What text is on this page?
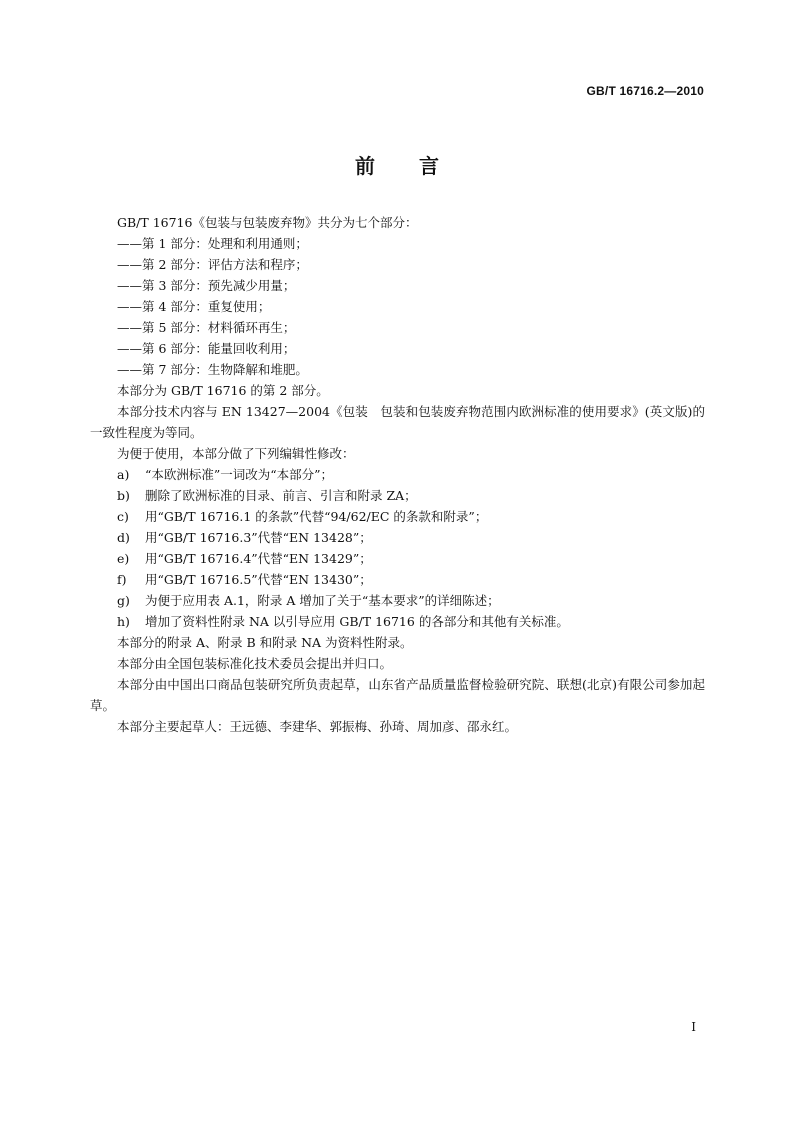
GB/T 16716.2—2010
前言

GB/T 16716《包装与包装废弃物》共分为七个部分：

——第 1 部分：处理和利用通则；

——第 2 部分：评估方法和程序；

——第 3 部分：预先减少用量；

——第 4 部分：重复使用；

——第 5 部分：材料循环再生；

——第 6 部分：能量回收利用；

——第 7 部分：生物降解和堆肥。

本部分为 GB/T 16716 的第 2 部分。

本部分技术内容与 EN 13427—2004《包装　包装和包装废弃物范围内欧洲标准的使用要求》(英文版)的一致性程度为等同。

为便于使用，本部分做了下列编辑性修改：

a)	“本欧洲标准”一词改为“本部分”；
b)	删除了欧洲标准的目录、前言、引言和附录 ZA；
c)	用“GB/T 16716.1 的条款”代替“94/62/EC 的条款和附录”；
d)	用“GB/T 16716.3”代替“EN 13428”；
e)	用“GB/T 16716.4”代替“EN 13429”；
f)	用“GB/T 16716.5”代替“EN 13430”；
g)	为便于应用表 A.1，附录 A 增加了关于“基本要求”的详细陈述；
h)	增加了资料性附录 NA 以引导应用 GB/T 16716 的各部分和其他有关标准。

本部分的附录 A、附录 B 和附录 NA 为资料性附录。

本部分由全国包装标准化技术委员会提出并归口。

本部分由中国出口商品包装研究所负责起草，山东省产品质量监督检验研究院、联想(北京)有限公司参加起草。

本部分主要起草人：王远德、李建华、郭振梅、孙琦、周加彦、邵永红。

I
